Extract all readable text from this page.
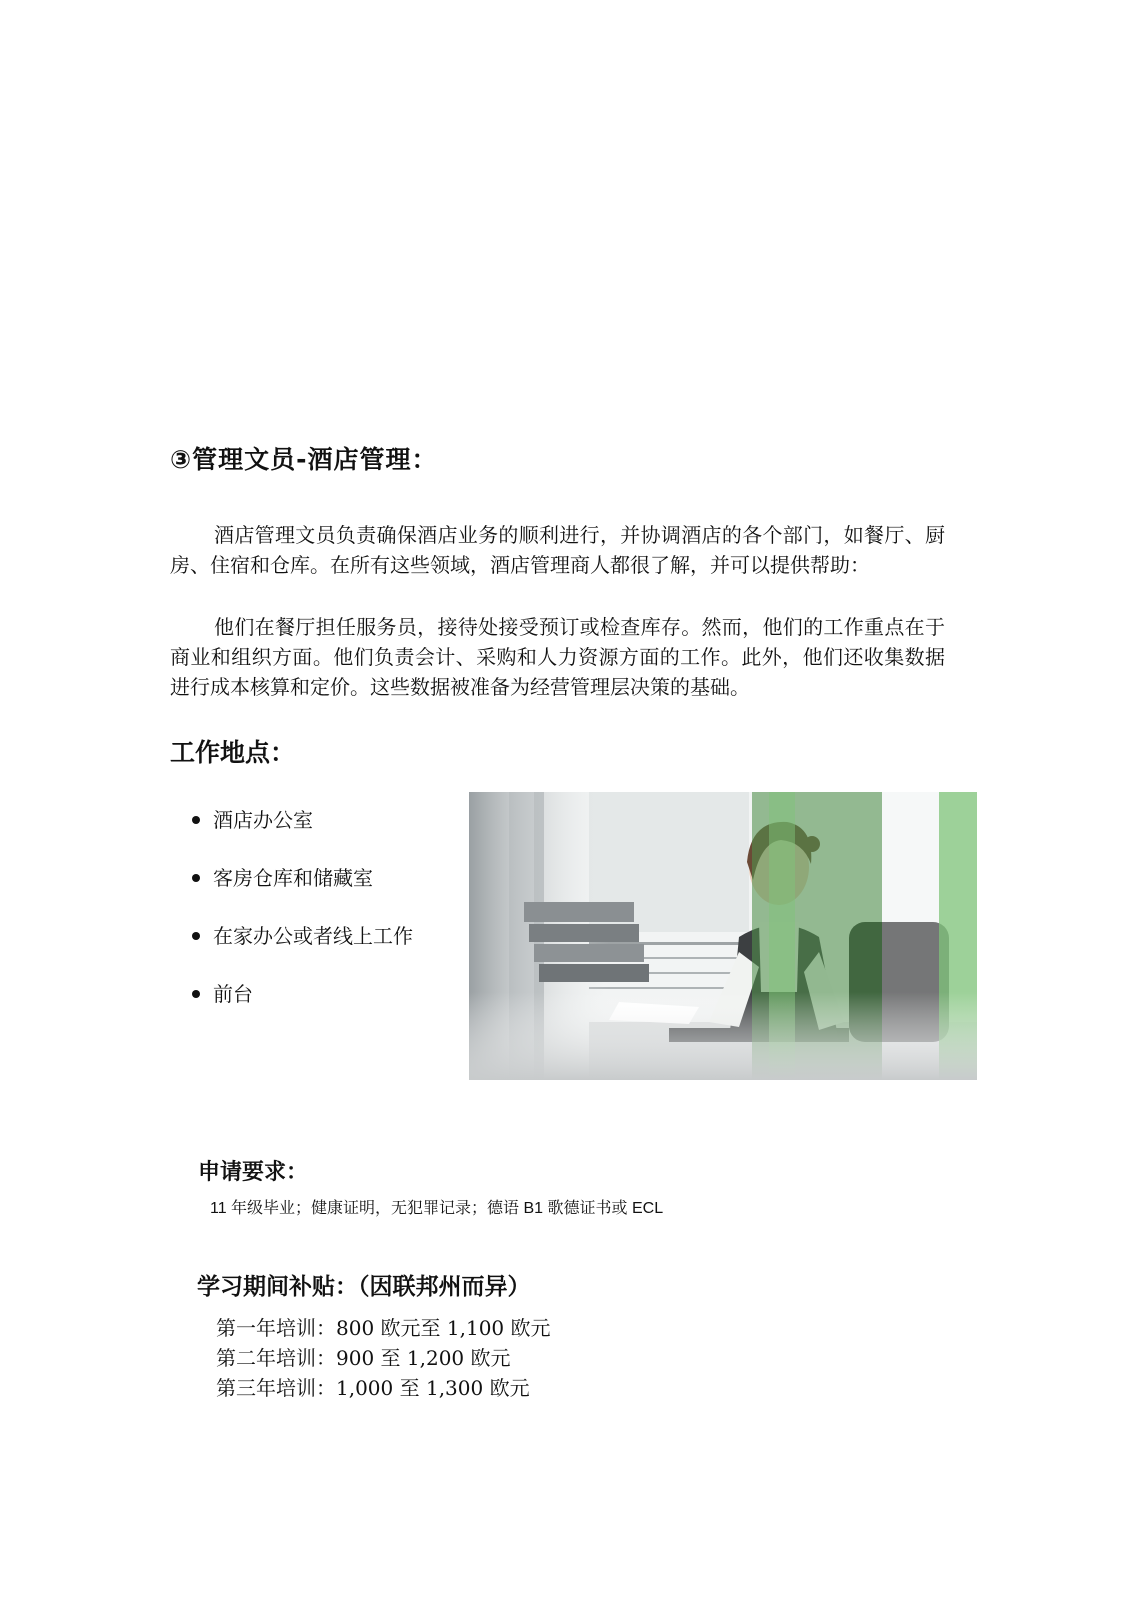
③管理文员-酒店管理：

酒店管理文员负责确保酒店业务的顺利进行，并协调酒店的各个部门，如餐厅、厨房、住宿和仓库。在所有这些领域，酒店管理商人都很了解，并可以提供帮助：

他们在餐厅担任服务员，接待处接受预订或检查库存。然而，他们的工作重点在于商业和组织方面。他们负责会计、采购和人力资源方面的工作。此外，他们还收集数据进行成本核算和定价。这些数据被准备为经营管理层决策的基础。

工作地点：
酒店办公室
客房仓库和储藏室
在家办公或者线上工作
前台
申请要求：
11 年级毕业；健康证明，无犯罪记录；德语 B1 歌德证书或 ECL
学习期间补贴：（因联邦州而异）
第一年培训：800 欧元至 1,100 欧元
第二年培训：900 至 1,200 欧元
第三年培训：1,000 至 1,300 欧元
